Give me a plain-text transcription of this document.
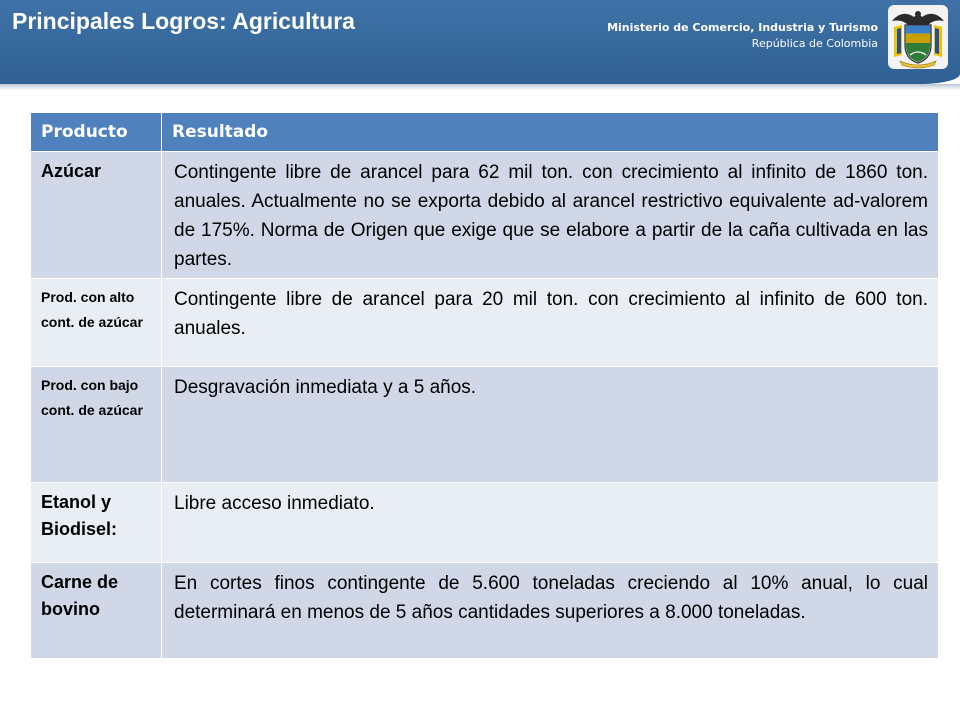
Principales Logros: Agricultura	Ministerio de Comercio, Industria y Turismo
República de Colombia
Producto	Resultado
Azúcar	Contingente libre de arancel para 62 mil ton. con crecimiento al infinito de 1860 ton. anuales. Actualmente no se exporta debido al arancel restrictivo equivalente ad-valorem de 175%. Norma de Origen que exige que se elabore a partir de la caña cultivada en las partes.
Prod. con alto cont. de azúcar	Contingente libre de arancel para 20 mil ton. con crecimiento al infinito de 600 ton. anuales.
Prod. con bajo cont. de azúcar	Desgravación inmediata y a 5 años.
Etanol y Biodisel:	Libre acceso inmediato.
Carne de bovino	En cortes finos contingente de 5.600 toneladas creciendo al 10% anual, lo cual determinará en menos de 5 años cantidades superiores a 8.000 toneladas.
